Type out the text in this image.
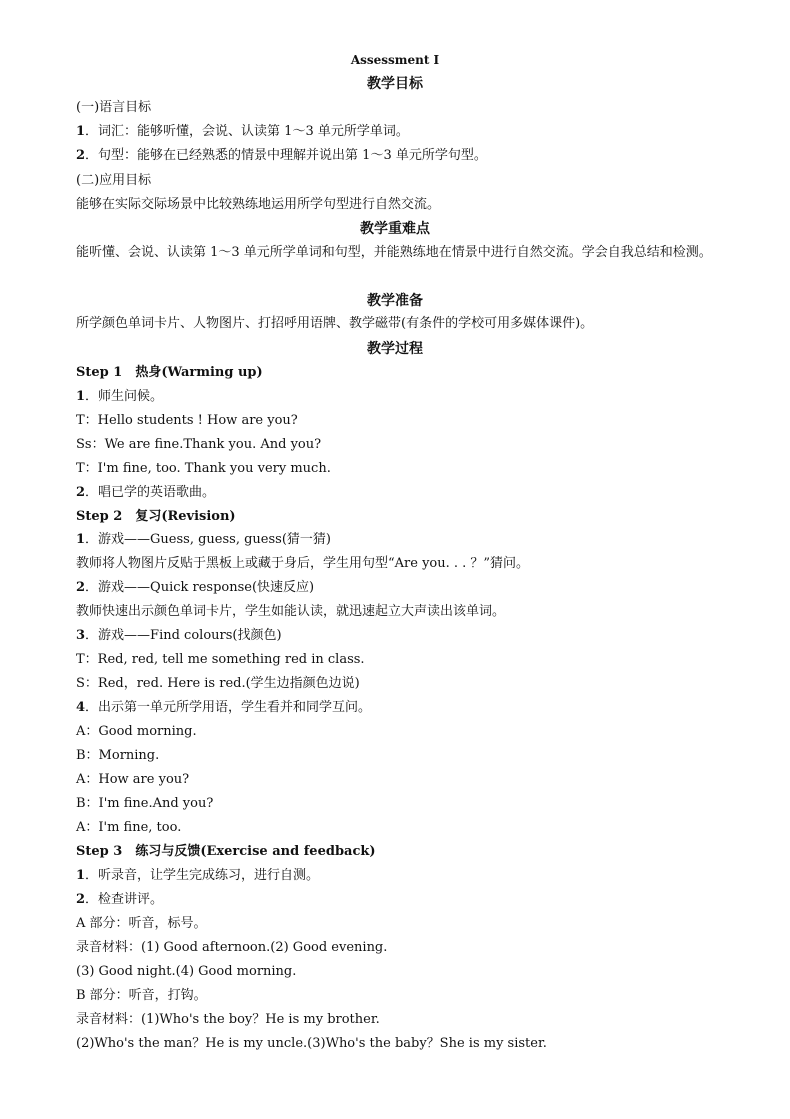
Assessment Ⅰ
教学目标
(一)语言目标
1．词汇：能够听懂，会说、认读第 1～3 单元所学单词。
2．句型：能够在已经熟悉的情景中理解并说出第 1～3 单元所学句型。
(二)应用目标
能够在实际交际场景中比较熟练地运用所学句型进行自然交流。
教学重难点
能听懂、会说、认读第 1～3 单元所学单词和句型，并能熟练地在情景中进行自然交流。学会自我总结和检测。
教学准备
所学颜色单词卡片、人物图片、打招呼用语牌、教学磁带(有条件的学校可用多媒体课件)。
教学过程
Step 1　热身(Warming up)
1．师生问候。
T：Hello students ! How are you?
Ss：We are fine.Thank you. And you?
T：I'm fine, too. Thank you very much.
2．唱已学的英语歌曲。
Step 2　复习(Revision)
1．游戏——Guess, guess, guess(猜一猜)
教师将人物图片反贴于黑板上或藏于身后，学生用句型“Are you. . . ？”猜问。
2．游戏——Quick response(快速反应)
教师快速出示颜色单词卡片，学生如能认读，就迅速起立大声读出该单词。
3．游戏——Find colours(找颜色)
T：Red, red, tell me something red in class.
S：Red，red. Here is red.(学生边指颜色边说)
4．出示第一单元所学用语，学生看并和同学互问。
A：Good morning.
B：Morning.
A：How are you?
B：I'm fine.And you?
A：I'm fine, too.
Step 3　练习与反馈(Exercise and feedback)
1．听录音，让学生完成练习，进行自测。
2．检查讲评。
A 部分：听音，标号。
录音材料：(1) Good afternoon.(2) Good evening.
(3) Good night.(4) Good morning.
B 部分：听音，打钩。
录音材料：(1)Who's the boy？He is my brother.
(2)Who's the man？He is my uncle.(3)Who's the baby？She is my sister.
